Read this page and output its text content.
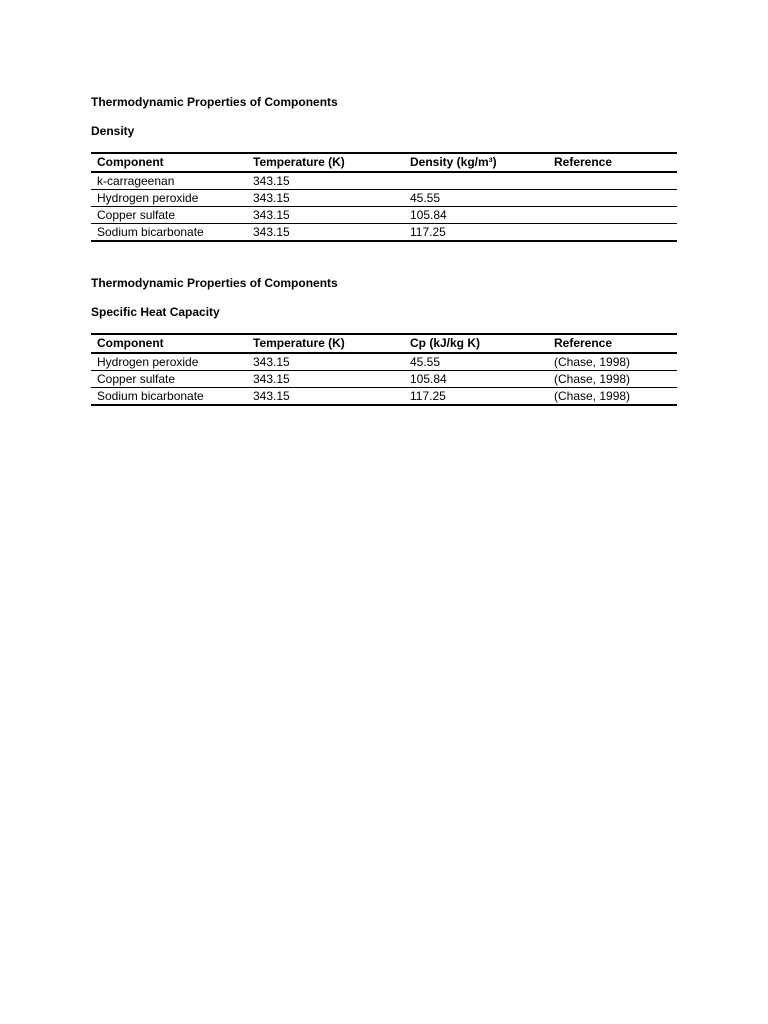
Thermodynamic Properties of Components

Density

Component	Temperature (K)	Density (kg/m³)	Reference
k-carrageenan	343.15		
Hydrogen peroxide	343.15	45.55	
Copper sulfate	343.15	105.84	
Sodium bicarbonate	343.15	117.25	

Thermodynamic Properties of Components

Specific Heat Capacity

Component	Temperature (K)	Cp (kJ/kg K)	Reference
Hydrogen peroxide	343.15	45.55	(Chase, 1998)
Copper sulfate	343.15	105.84	(Chase, 1998)
Sodium bicarbonate	343.15	117.25	(Chase, 1998)
